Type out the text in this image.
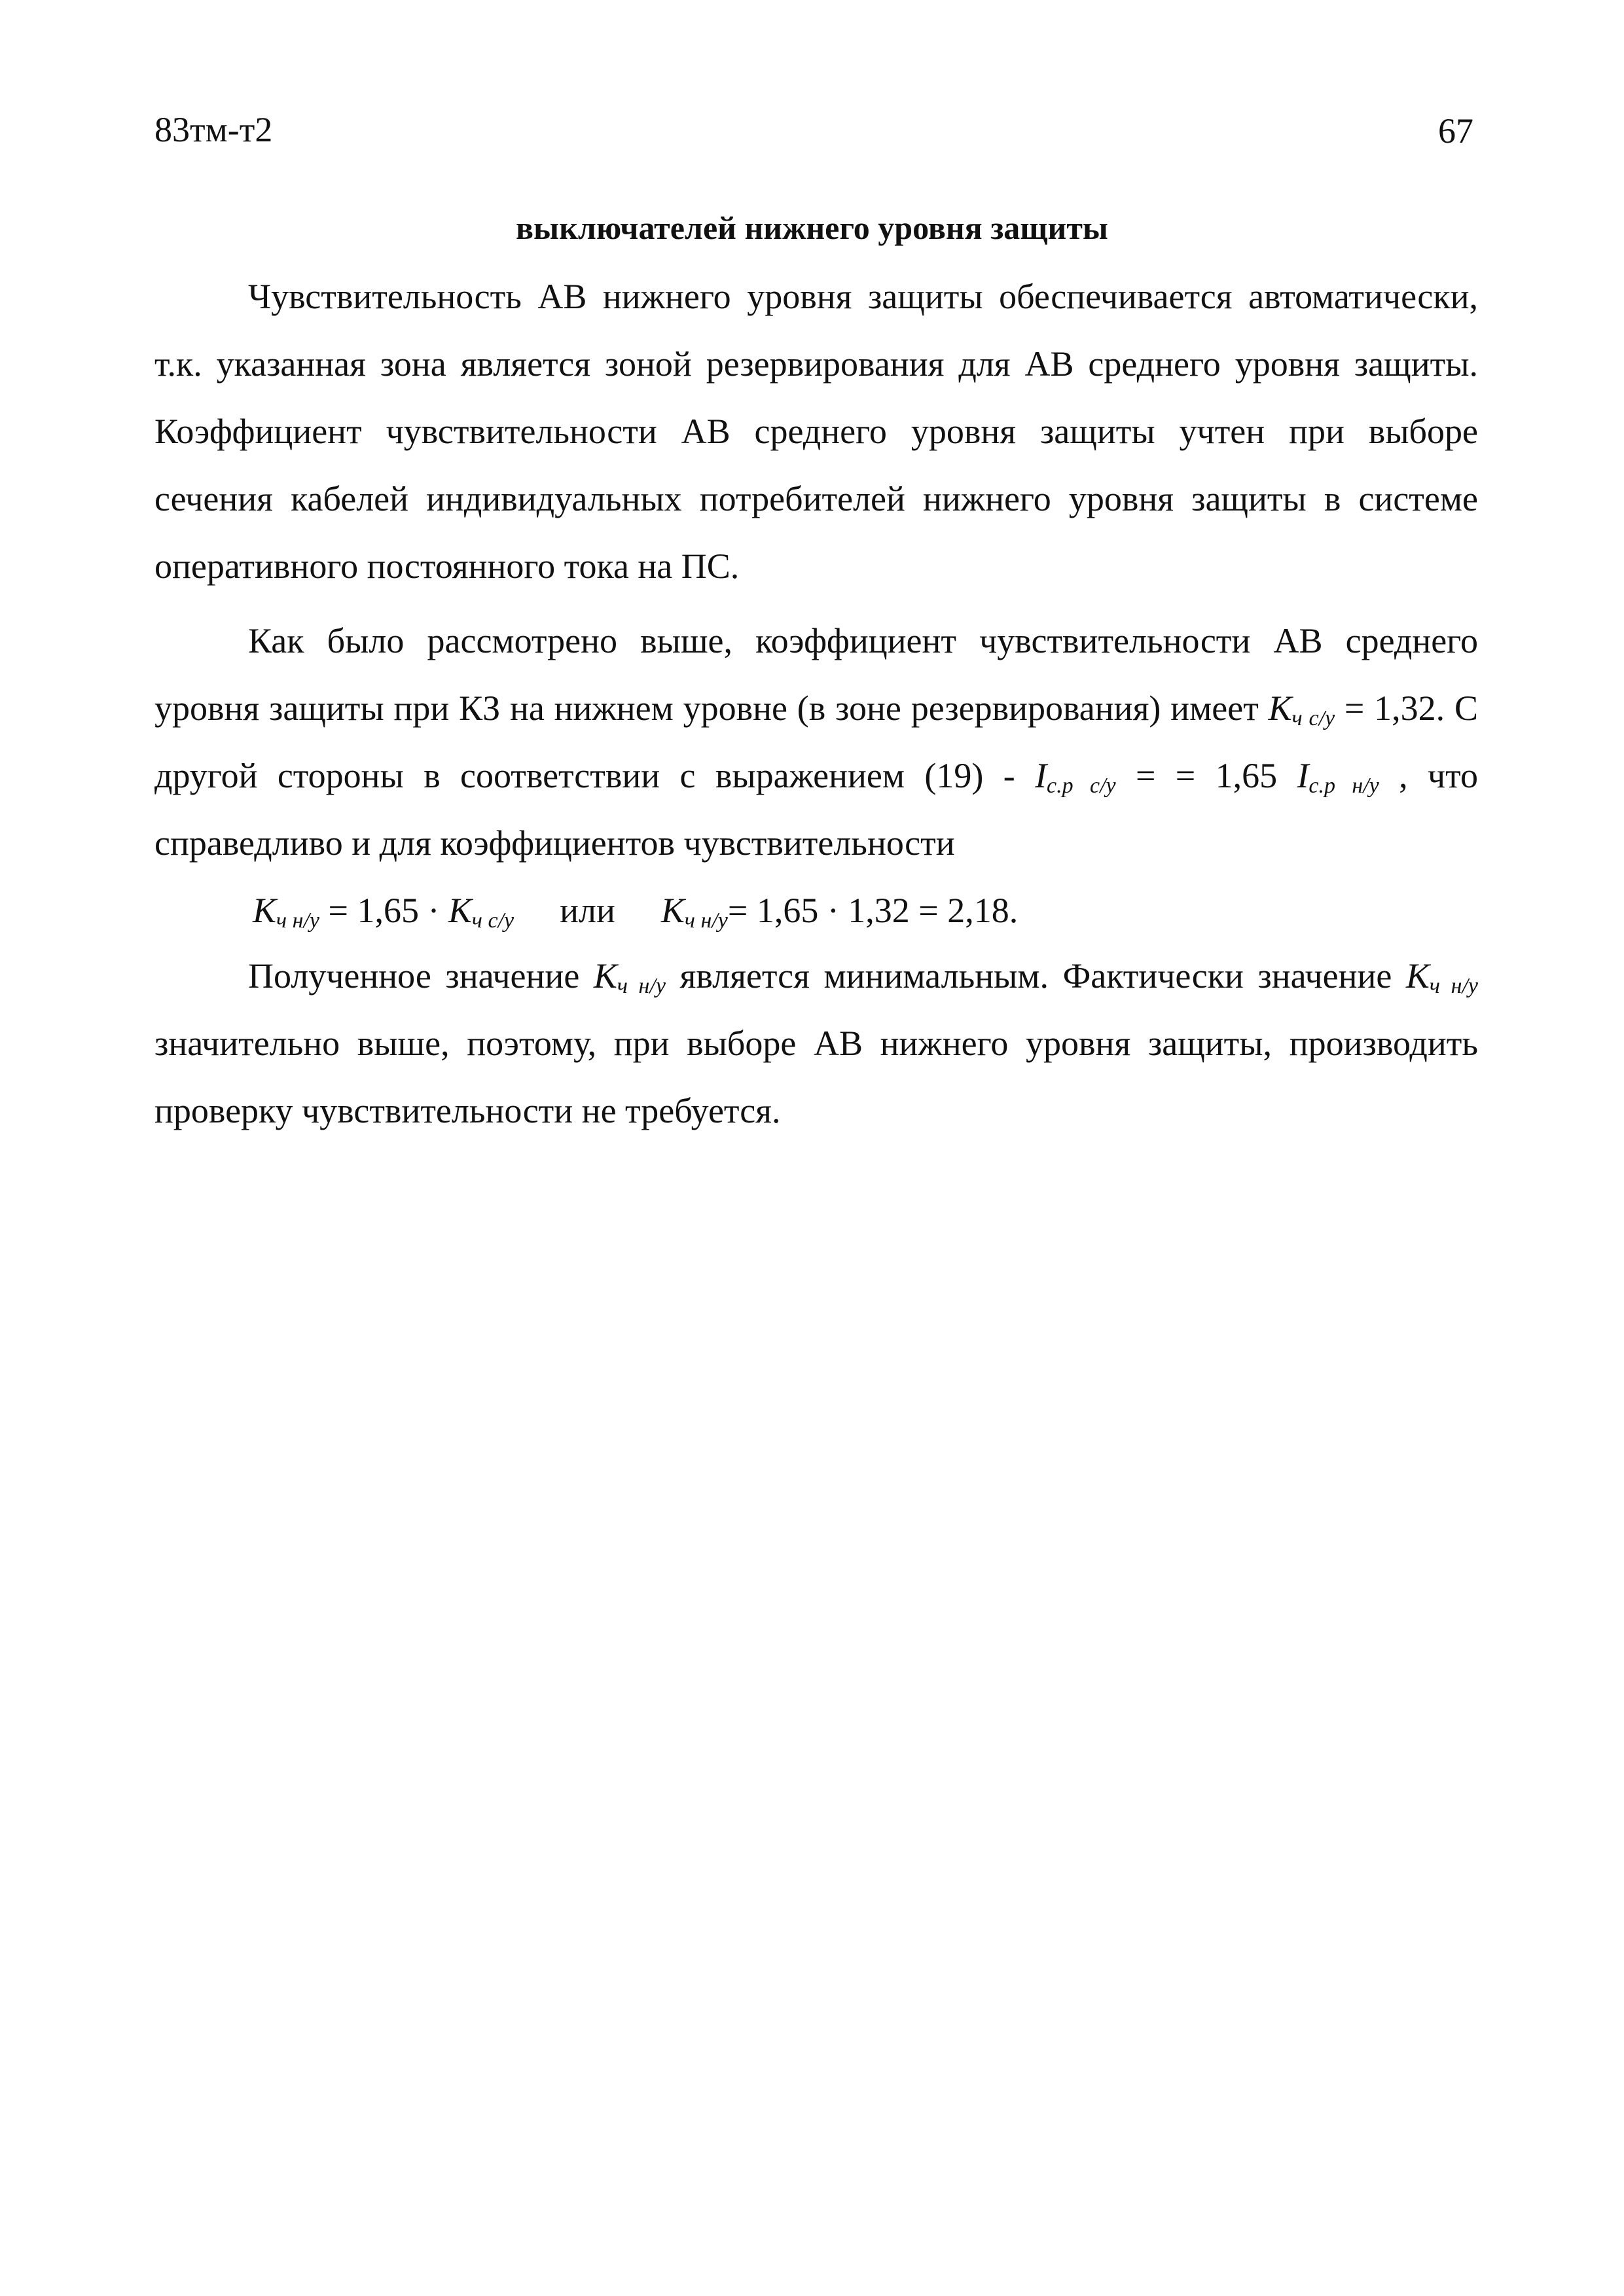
83тм-т2	67
выключателей нижнего уровня защиты

Чувствительность АВ нижнего уровня защиты обеспечивается автоматически, т.к. указанная зона является зоной резервирования для АВ среднего уровня защиты. Коэффициент чувствительности АВ среднего уровня защиты учтен при выборе сечения кабелей индивидуальных потребителей нижнего уровня защиты в системе оперативного постоянного тока на ПС.

Как было рассмотрено выше, коэффициент чувствительности АВ среднего уровня защиты при КЗ на нижнем уровне (в зоне резервирования) имеет $К_{ч с/у} = 1,32$. С другой стороны в соответствии с выражением $(19) - I_{с.р с/у}$ = = 1,65 $I_{с.р н/у}$ , что справедливо и для коэффициентов чувствительности

$К_{ч н/у} = 1,65 \cdot К_{ч с/у}$ или $К_{ч н/у}= 1,65 \cdot 1,32 = 2,18$.

Полученное значение $К_{ч н/у}$ является минимальным. Фактически значение $К_{ч н/у}$ значительно выше, поэтому, при выборе АВ нижнего уровня защиты, производить проверку чувствительности не требуется.
